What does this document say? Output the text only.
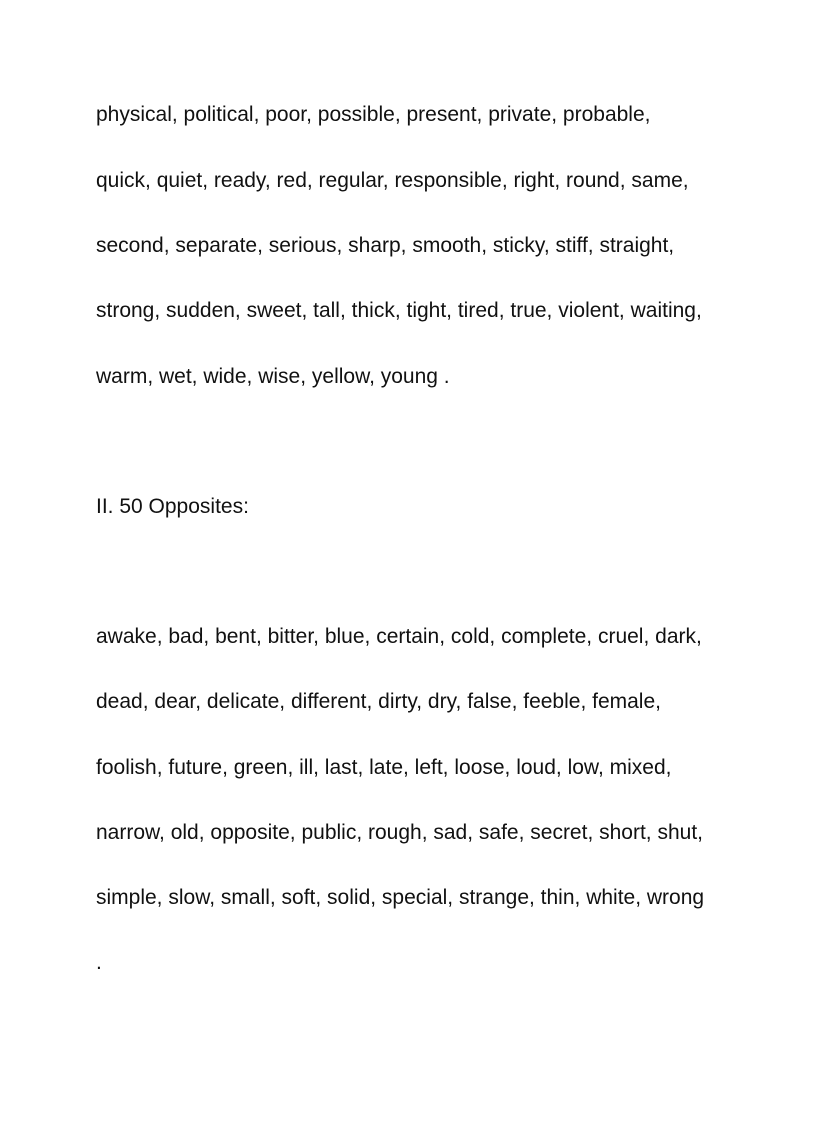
physical, political, poor, possible, present, private, probable,
quick, quiet, ready, red, regular, responsible, right, round, same,
second, separate, serious, sharp, smooth, sticky, stiff, straight,
strong, sudden, sweet, tall, thick, tight, tired, true, violent, waiting,
warm, wet, wide, wise, yellow, young .
II. 50 Opposites:
awake, bad, bent, bitter, blue, certain, cold, complete, cruel, dark,
dead, dear, delicate, different, dirty, dry, false, feeble, female,
foolish, future, green, ill, last, late, left, loose, loud, low, mixed,
narrow, old, opposite, public, rough, sad, safe, secret, short, shut,
simple, slow, small, soft, solid, special, strange, thin, white, wrong
.
